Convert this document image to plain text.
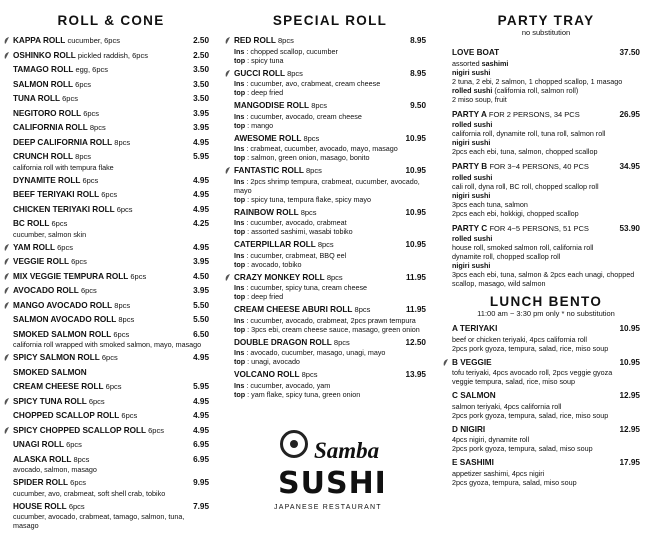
ROLL & CONE
KAPPA ROLL cucumber, 6pcs	2.50
OSHINKO ROLL pickled raddish, 6pcs	2.50
TAMAGO ROLL egg, 6pcs	3.50
SALMON ROLL 6pcs	3.50
TUNA ROLL 6pcs	3.50
NEGITORO ROLL 6pcs	3.95
CALIFORNIA ROLL 8pcs	3.95
DEEP CALIFORNIA ROLL 8pcs	4.95
CRUNCH ROLL 8pcs	5.95
california roll with tempura flake
DYNAMITE ROLL 6pcs	4.95
BEEF TERIYAKI ROLL 6pcs	4.95
CHICKEN TERIYAKI ROLL 6pcs	4.95
BC ROLL 6pcs	4.25
cucumber, salmon skin
YAM ROLL 6pcs	4.95
VEGGIE ROLL 6pcs	3.95
MIX VEGGIE TEMPURA ROLL 6pcs	4.50
AVOCADO ROLL 6pcs	3.95
MANGO AVOCADO ROLL 8pcs	5.50
SALMON AVOCADO ROLL 8pcs	5.50
SMOKED SALMON ROLL 6pcs	6.50
california roll wrapped with smoked salmon, mayo, masago
SPICY SALMON ROLL 6pcs	4.95
SMOKED SALMON
CREAM CHEESE ROLL 6pcs	5.95
SPICY TUNA ROLL 6pcs	4.95
CHOPPED SCALLOP ROLL 6pcs	4.95
SPICY CHOPPED SCALLOP ROLL 6pcs	4.95
UNAGI ROLL 6pcs	6.95
ALASKA ROLL 8pcs	6.95
avocado, salmon, masago
SPIDER ROLL 6pcs	9.95
cucumber, avo, crabmeat, soft shell crab, tobiko
HOUSE ROLL 6pcs	7.95
cucumber, avocado, crabmeat, tamago, salmon, tuna, masago
SPECIAL ROLL
RED ROLL 8pcs	8.95
Ins : chopped scallop, cucumber
top : spicy tuna
GUCCI ROLL 8pcs	8.95
Ins : cucumber, avo, crabmeat, cream cheese
top : deep fried
MANGODISE ROLL 8pcs	9.50
Ins : cucumber, avocado, cream cheese
top : mango
AWESOME ROLL 8pcs	10.95
Ins : crabmeat, cucumber, avocado, mayo, masago
top : salmon, green onion, masago, bonito
FANTASTIC ROLL 8pcs	10.95
Ins : 2pcs shrimp tempura, crabmeat, cucumber, avocado, mayo
top : spicy tuna, tempura flake, spicy mayo
RAINBOW ROLL 8pcs	10.95
Ins : cucumber, avocado, crabmeat
top : assorted sashimi, wasabi tobiko
CATERPILLAR ROLL 8pcs	10.95
Ins : cucumber, crabmeat, BBQ eel
top : avocado, tobiko
CRAZY MONKEY ROLL 8pcs	11.95
Ins : cucumber, spicy tuna, cream cheese
top : deep fried
CREAM CHEESE ABURI ROLL 8pcs	11.95
Ins : cucumber, avocado, crabmeat, 2pcs prawn tempura
top : 3pcs ebi, cream cheese sauce, masago, green onion
DOUBLE DRAGON ROLL 8pcs	12.50
Ins : avocado, cucumber, masago, unagi, mayo
top : unagi, avocado
VOLCANO ROLL 8pcs	13.95
Ins : cucumber, avocado, yam
top : yam flake, spicy tuna, green onion
PARTY TRAY
no substitution
LOVE BOAT	37.50
assorted sashimi
nigiri sushi
2 tuna, 2 ebi, 2 salmon, 1 chopped scallop, 1 masago
rolled sushi (california roll, salmon roll)
2 miso soup, fruit
PARTY A FOR 2 PERSONS, 34 PCS	26.95
rolled sushi
california roll, dynamite roll, tuna roll, salmon roll
nigiri sushi
2pcs each ebi, tuna, salmon, chopped scallop
PARTY B FOR 3~4 PERSONS, 40 PCS	34.95
rolled sushi
cali roll, dyna roll, BC roll, chopped scallop roll
nigiri sushi
3pcs each tuna, salmon
2pcs each ebi, hokkigi, chopped scallop
PARTY C FOR 4~5 PERSONS, 51 PCS	53.90
rolled sushi
house roll, smoked salmon roll, california roll
dynamite roll, chopped scallop roll
nigiri sushi
3pcs each ebi, tuna, salmon & 2pcs each unagi, chopped scallop, masago, wild salmon
LUNCH BENTO
11:00 am ~ 3:30 pm only * no substitution
A TERIYAKI	10.95
beef or chicken teriyaki, 4pcs california roll
2pcs pork gyoza, tempura, salad, rice, miso soup
B VEGGIE	10.95
tofu teriyaki, 4pcs avocado roll, 2pcs veggie gyoza
veggie tempura, salad, rice, miso soup
C SALMON	12.95
salmon teriyaki, 4pcs california roll
2pcs pork gyoza, tempura, salad, rice, miso soup
D NIGIRI	12.95
4pcs nigiri, dynamite roll
2pcs pork gyoza, tempura, salad, miso soup
E SASHIMI	17.95
appetizer sashimi, 4pcs nigiri
2pcs gyoza, tempura, salad, miso soup
Samba
SUSHI
JAPANESE RESTAURANT
